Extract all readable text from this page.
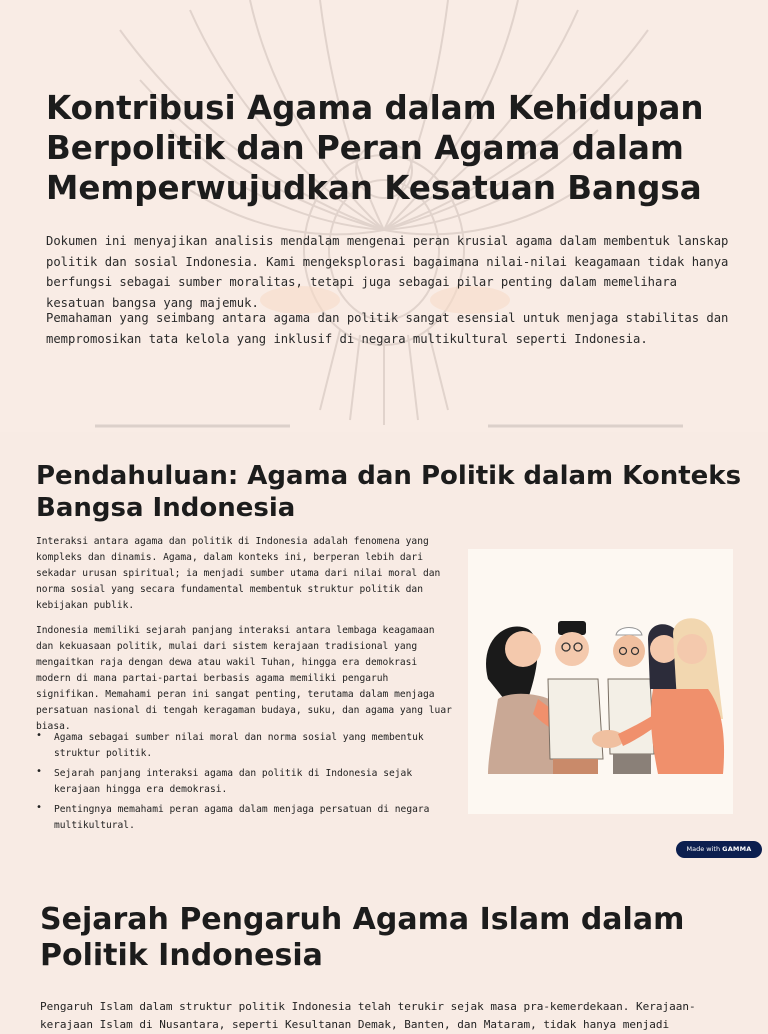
Kontribusi Agama dalam Kehidupan Berpolitik dan Peran Agama dalam Memperwujudkan Kesatuan Bangsa

Dokumen ini menyajikan analisis mendalam mengenai peran krusial agama dalam membentuk lanskap politik dan sosial Indonesia. Kami mengeksplorasi bagaimana nilai-nilai keagamaan tidak hanya berfungsi sebagai sumber moralitas, tetapi juga sebagai pilar penting dalam memelihara kesatuan bangsa yang majemuk.

Pemahaman yang seimbang antara agama dan politik sangat esensial untuk menjaga stabilitas dan mempromosikan tata kelola yang inklusif di negara multikultural seperti Indonesia.

Pendahuluan: Agama dan Politik dalam Konteks Bangsa Indonesia

Interaksi antara agama dan politik di Indonesia adalah fenomena yang kompleks dan dinamis. Agama, dalam konteks ini, berperan lebih dari sekadar urusan spiritual; ia menjadi sumber utama dari nilai moral dan norma sosial yang secara fundamental membentuk struktur politik dan kebijakan publik.

Indonesia memiliki sejarah panjang interaksi antara lembaga keagamaan dan kekuasaan politik, mulai dari sistem kerajaan tradisional yang mengaitkan raja dengan dewa atau wakil Tuhan, hingga era demokrasi modern di mana partai-partai berbasis agama memiliki pengaruh signifikan. Memahami peran ini sangat penting, terutama dalam menjaga persatuan nasional di tengah keragaman budaya, suku, dan agama yang luar biasa.

• Agama sebagai sumber nilai moral dan norma sosial yang membentuk struktur politik.
• Sejarah panjang interaksi agama dan politik di Indonesia sejak kerajaan hingga era demokrasi.
• Pentingnya memahami peran agama dalam menjaga persatuan di negara multikultural.
Made with GAMMA
Sejarah Pengaruh Agama Islam dalam Politik Indonesia

Pengaruh Islam dalam struktur politik Indonesia telah terukir sejak masa pra-kemerdekaan. Kerajaan-kerajaan Islam di Nusantara, seperti Kesultanan Demak, Banten, dan Mataram, tidak hanya menjadi
